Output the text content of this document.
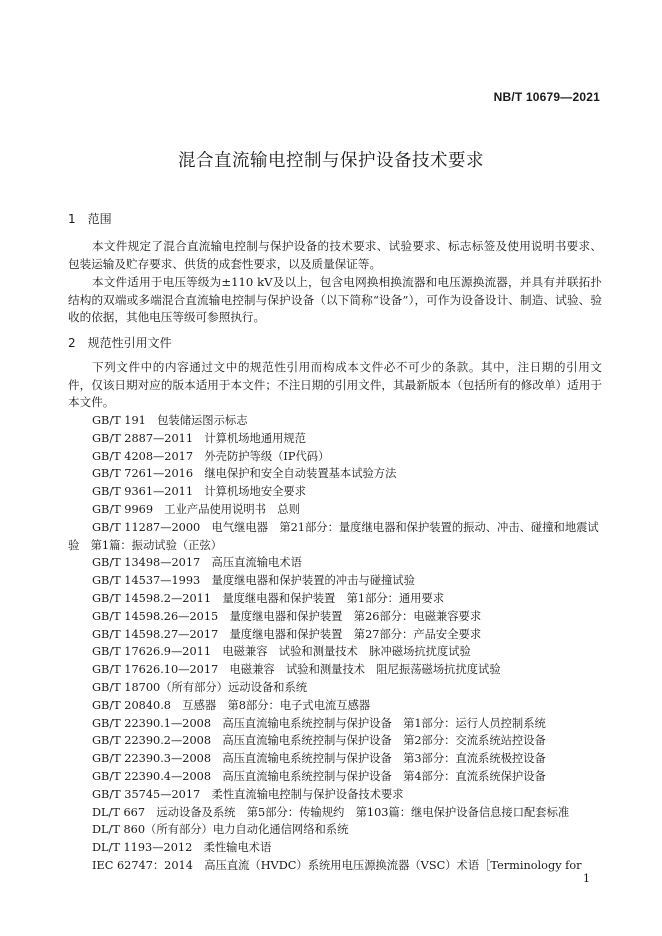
NB/T 10679—2021
混合直流输电控制与保护设备技术要求
1　范围
本文件规定了混合直流输电控制与保护设备的技术要求、试验要求、标志标签及使用说明书要求、包装运输及贮存要求、供货的成套性要求，以及质量保证等。
本文件适用于电压等级为±110 kV及以上，包含电网换相换流器和电压源换流器，并具有并联拓扑结构的双端或多端混合直流输电控制与保护设备（以下简称“设备”），可作为设备设计、制造、试验、验收的依据，其他电压等级可参照执行。
2　规范性引用文件
下列文件中的内容通过文中的规范性引用而构成本文件必不可少的条款。其中，注日期的引用文件，仅该日期对应的版本适用于本文件；不注日期的引用文件，其最新版本（包括所有的修改单）适用于本文件。
GB/T 191　包装储运图示标志
GB/T 2887—2011　计算机场地通用规范
GB/T 4208—2017　外壳防护等级（IP代码）
GB/T 7261—2016　继电保护和安全自动装置基本试验方法
GB/T 9361—2011　计算机场地安全要求
GB/T 9969　工业产品使用说明书　总则
GB/T 11287—2000　电气继电器　第21部分：量度继电器和保护装置的振动、冲击、碰撞和地震试验　第1篇：振动试验（正弦）
GB/T 13498—2017　高压直流输电术语
GB/T 14537—1993　量度继电器和保护装置的冲击与碰撞试验
GB/T 14598.2—2011　量度继电器和保护装置　第1部分：通用要求
GB/T 14598.26—2015　量度继电器和保护装置　第26部分：电磁兼容要求
GB/T 14598.27—2017　量度继电器和保护装置　第27部分：产品安全要求
GB/T 17626.9—2011　电磁兼容　试验和测量技术　脉冲磁场抗扰度试验
GB/T 17626.10—2017　电磁兼容　试验和测量技术　阻尼振荡磁场抗扰度试验
GB/T 18700（所有部分）远动设备和系统
GB/T 20840.8　互感器　第8部分：电子式电流互感器
GB/T 22390.1—2008　高压直流输电系统控制与保护设备　第1部分：运行人员控制系统
GB/T 22390.2—2008　高压直流输电系统控制与保护设备　第2部分：交流系统站控设备
GB/T 22390.3—2008　高压直流输电系统控制与保护设备　第3部分：直流系统极控设备
GB/T 22390.4—2008　高压直流输电系统控制与保护设备　第4部分：直流系统保护设备
GB/T 35745—2017　柔性直流输电控制与保护设备技术要求
DL/T 667　远动设备及系统　第5部分：传输规约　第103篇：继电保护设备信息接口配套标准
DL/T 860（所有部分）电力自动化通信网络和系统
DL/T 1193—2012　柔性输电术语
IEC 62747：2014　高压直流（HVDC）系统用电压源换流器（VSC）术语［Terminology for
1
